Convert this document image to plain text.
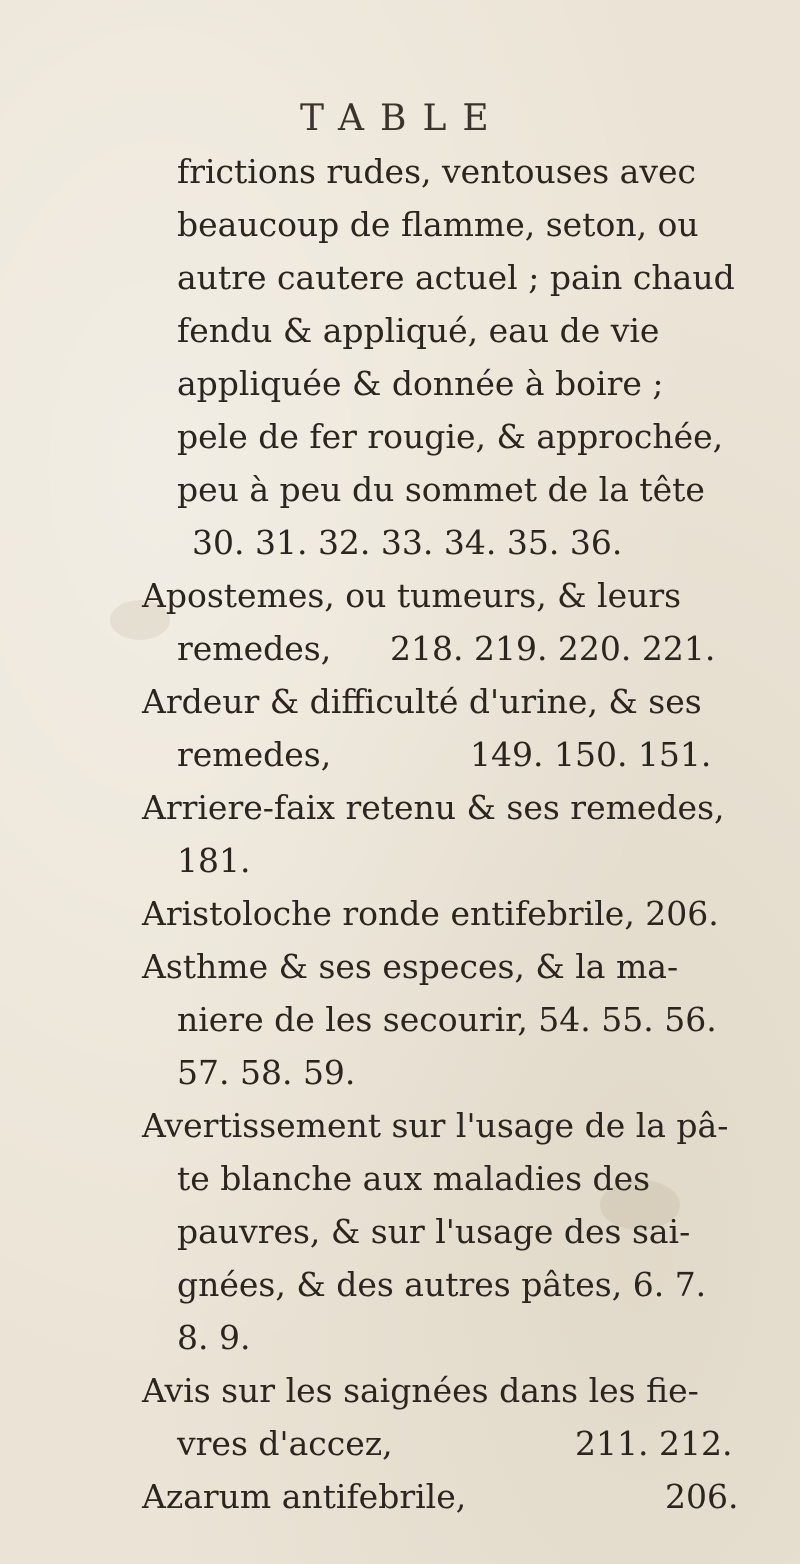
TABLE
frictions rudes, ventouses avec
beaucoup de flamme, seton, ou
autre cautere actuel ; pain chaud
fendu & appliqué, eau de vie
appliquée & donnée à boire ;
pele de fer rougie, & approchée,
peu à peu du sommet de la tête
30. 31. 32. 33. 34. 35. 36.
Apostemes, ou tumeurs, & leurs
remedes, 218. 219. 220. 221.
Ardeur & difficulté d'urine, & ses
remedes,	149. 150. 151.
Arriere-faix retenu & ses remedes,
181.
Aristoloche ronde entifebrile, 206.
Asthme & ses especes, & la ma-
niere de les secourir, 54. 55. 56.
57. 58. 59.
Avertissement sur l'usage de la pâ-
te blanche aux maladies des
pauvres, & sur l'usage des sai-
gnées, & des autres pâtes, 6. 7.
8. 9.
Avis sur les saignées dans les fie-
vres d'accez,	211. 212.
Azarum antifebrile,	206.
